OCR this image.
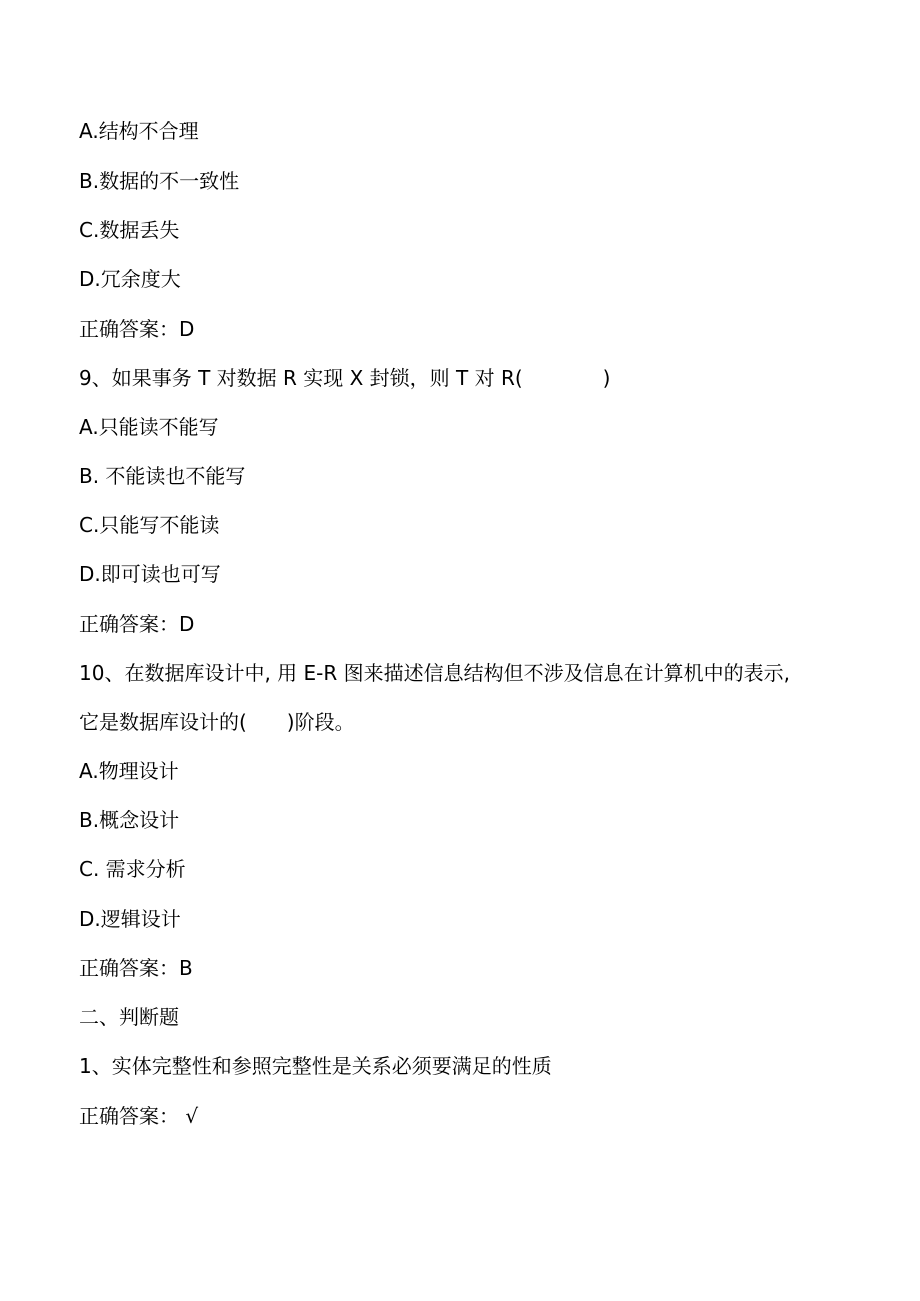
A.结构不合理
B.数据的不一致性
C.数据丢失
D.冗余度大
正确答案：D
9、如果事务 T 对数据 R 实现 X 封锁，则 T 对 R(　　　　)
A.只能读不能写
B. 不能读也不能写
C.只能写不能读
D.即可读也可写
正确答案：D
10、在数据库设计中, 用 E-R 图来描述信息结构但不涉及信息在计算机中的表示,
它是数据库设计的(　　)阶段。
A.物理设计
B.概念设计
C. 需求分析
D.逻辑设计
正确答案：B
二、判断题
1、实体完整性和参照完整性是关系必须要满足的性质
正确答案： √
